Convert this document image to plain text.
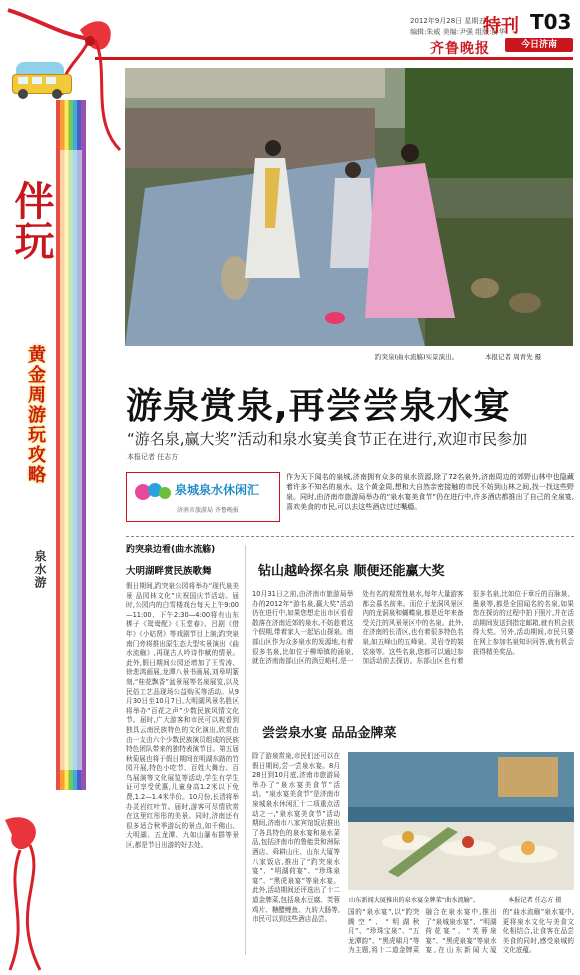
2012年9月28日 星期五
编辑:朱威 美编:尹强 组版:薛华
齐鲁晚报
特刊 T03
今日济南
伴玩
黄金周游玩攻略
泉水游
趵突泉(曲水流觞)实景演出。	本报记者 周青先 摄
游泉赏泉,再尝尝泉水宴
“游名泉,赢大奖”活动和泉水宴美食节正在进行,欢迎市民参加
本报记者 任志方
泉城泉水休闲汇
济南市旅游局 齐鲁晚报
作为天下闻名的泉城,济南拥有众多的泉水资源,除了72名泉外,济南周边的郊野山林中也隐藏着许多不知名的泉水。这个黄金周,想和大自然亲密接触的市民不妨到山林之间,找一找这些野泉。同时,由济南市旅游局举办的“泉水宴美食节”仍在进行中,许多酒店都推出了自己的全泉宴,喜欢美食的市民,可以去这些酒店过过嘴瘾。
趵突泉边看(曲水流觞)
大明湖畔赏民族歌舞
假日期间,趵突泉公园将举办“现代泉美景 品园林文化”庆祝国庆节活动。届时,公园内的白雪楼戏台每天上午9:00—11:00、下午2:30—4:00将有山东梆子《鸳鸯配》《玉堂春》、吕剧《借年》《小姑贤》等戏剧节目上演;趵突泉南门旁将推出原生态大型实景演出《曲水流觞》,再现古人吟诗作赋的情景。此外,假日期间公园还增加了王雪涛、徐悲鸿画展,龙潭八景书画展,刘皋明篆刻,“桂花飘香”盆景展等名泉展览,以及民俗工艺品现场公益购买等活动。从9月30日至10月7日,大明湖风景名胜区将举办“百花之声”少数民族风情文化节。届时,广大游客和市民可以观看到独具云南民族特色的文化演出,欣赏由由一支由六个少数民族演员组成的民族特色团队带来的独特表演节目。第五届秋菊展也将于假日期间在明湖东路的竹园开展,特色小吃节、百姓大舞台、百鸟展演等文化展览等活动,学生有学生证可享受优惠,儿童身高1.2米以下免费,1.2—1.4米半价。10月份,长清将举办灵岩红叶节。届时,游客可尽情欣赏在这里红彤彤的美景。同时,济南还有很多适合秋季游玩的景点,如千佛山、大明湖、五龙潭、九如山瀑布群等景区,都是节日出游的好去处。
钻山越岭探名泉 顺便还能赢大奖
10月31日之前,由济南市旅游局举办的2012年“游名泉,赢大奖”活动仍在进行中,如果您想走出市区看看散落在济南近郊的泉水,不妨趁着这个假期,带着家人一起钻山探泉。南部山区作为众多泉水的发源地,有着很多名泉,比如位于柳埠镇的涌泉,就在济南南部山区的淌豆峪村,是一处有名的观赏性泉水,每年大量游客都会慕名前来。而位于龙洞风景区内的龙洞泉和蝴蝶泉,都是近年来备受关注的风景景区中的名泉。此外,在济南的长清区,也有着很多特色名泉,如五峰山的五峰泉、灵岩寺的袈裟泉等。这些名泉,您都可以通过参加活动前去探访。东部山区也有着很多名泉,比如位于章丘的百脉泉、墨泉等,都是全国闻名的名泉,如果您在探访的过程中拍下照片,并在活动期间发送到指定邮箱,就有机会获得大奖。另外,活动期间,市民只要在网上参加名泉知识问答,就有机会获得精美奖品。
尝尝泉水宴 品品金牌菜
除了游泉赏泉,市民们还可以在假日期间,尝一尝泉水宴。8月28日到10月底,济南市旅游局举办了“泉水宴美食节”活动。“泉水宴美食节”是济南市泉城泉水休闲汇十二项重点活动之一,“泉水宴美食节”活动期间,济南市八家宾馆饭店推出了各具特色的泉水宴和泉水菜品,包括济南市的鲁能贵和洲际酒店、舜耕山庄、山东大厦等八家饭店,推出了“趵突泉水宴”、“明湖荷宴”、“珍珠泉宴”、“黑虎泉宴”等泉水宴。此外,活动期间还评选出了十二道金牌菜,包括泉水豆腐、芙蓉鸡片、糖醋鲤鱼、九转大肠等,市民可以到这些酒店品尝。
山东新闻大厦推出的泉水宴金牌菜“曲水流觞”。	本报记者 任志方 摄
国的“泉水宴”,以“趵突腾空”、“明湖秋月”、“珍珠宝泉”、“五龙潭韵”、“黑虎啸月”等为主题,将十二道金牌菜融合在泉水宴中,推出了“泉城泉水宴”、“明湖荷花宴”、“芙蓉泉宴”、“黑虎泉宴”等泉水宴,在山东新闻大厦的“曲水流觞”泉水宴中,更将泉水文化与美食文化相结合,让食客在品尝美食的同时,感受泉城的文化底蕴。
